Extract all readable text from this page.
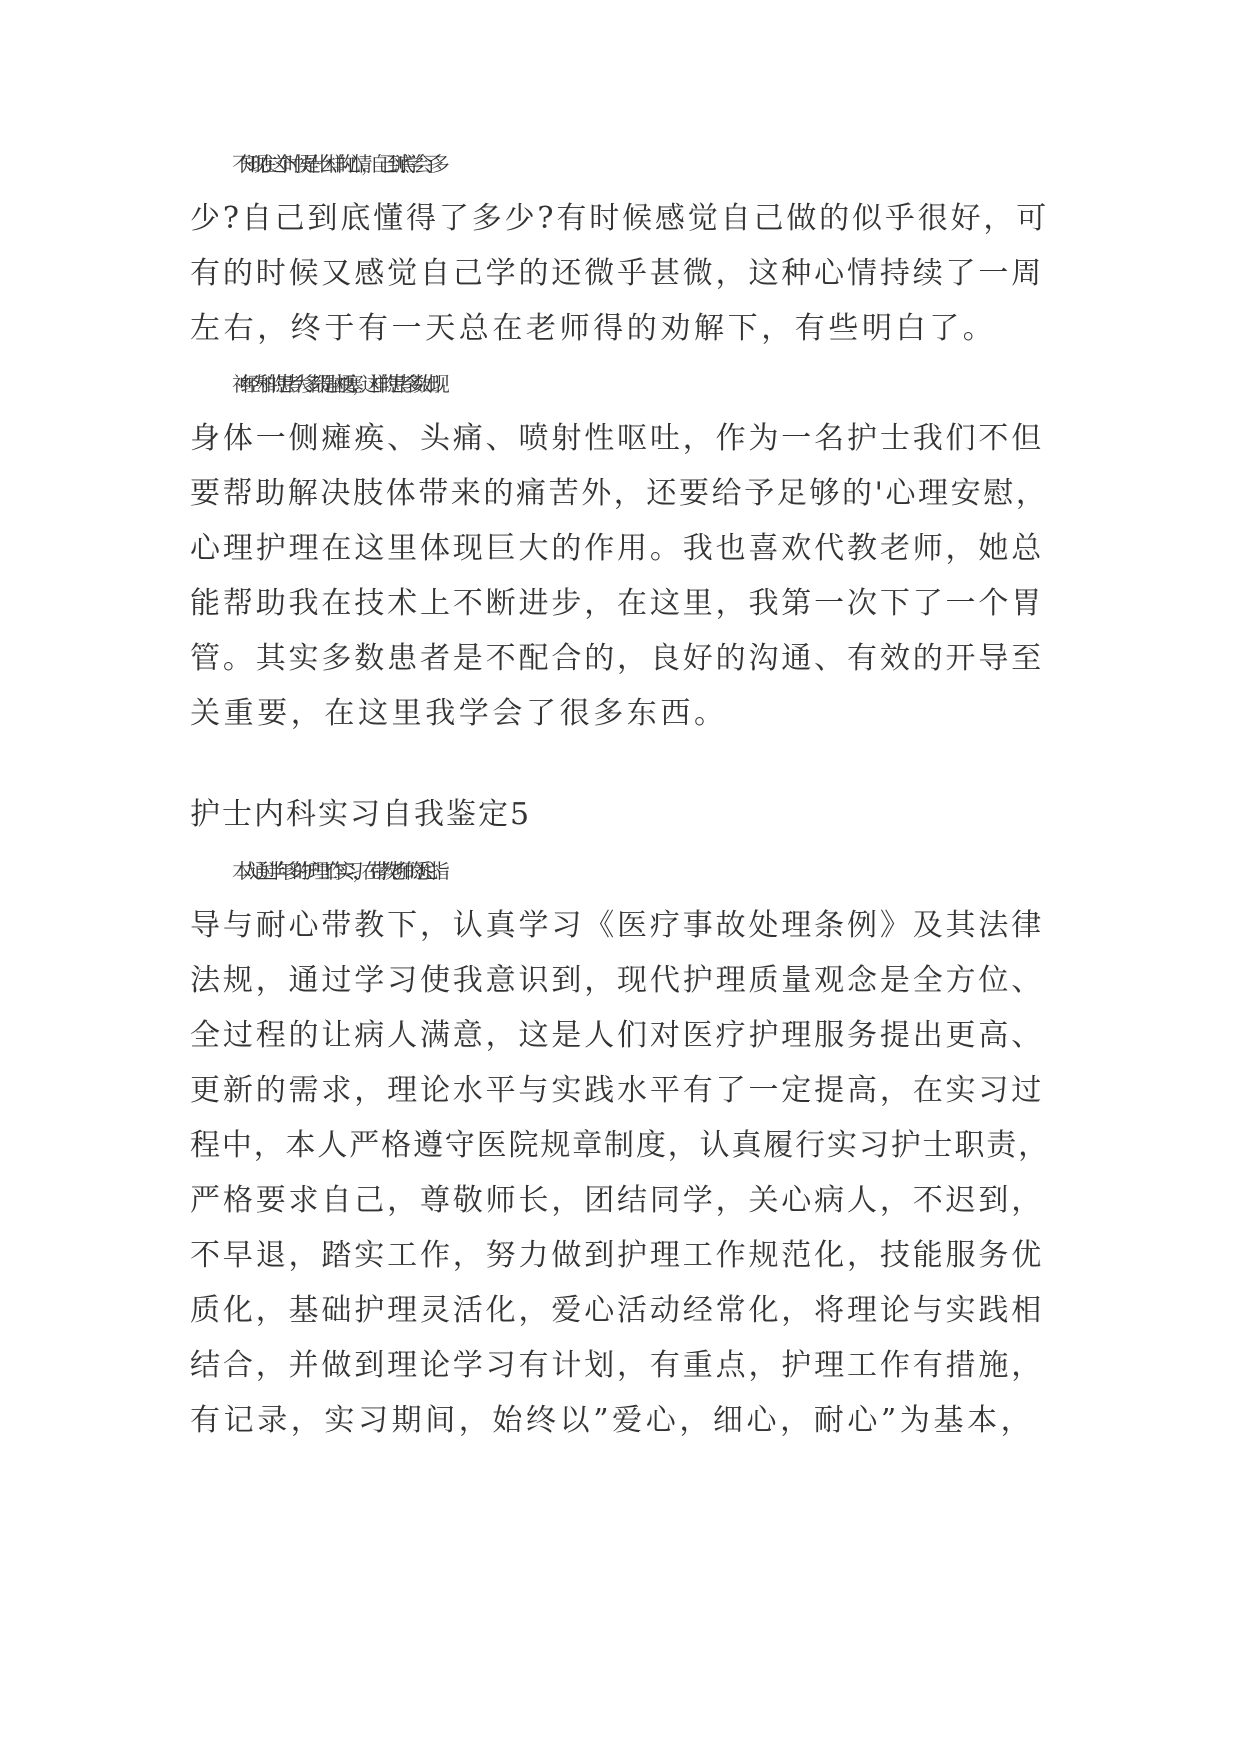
不知现在这个时候是什么样的心情，自己到底学会了多
少?自己到底懂得了多少?有时候感觉自己做的似乎很好，可
有的时候又感觉自己学的还微乎甚微，这种心情持续了一周
左右，终于有一天总在老师得的劝解下，有些明白了。
神经内科的患者大多都是脑梗塞，这样的患者多数出现
身体一侧瘫痪、头痛、喷射性呕吐，作为一名护士我们不但
要帮助解决肢体带来的痛苦外，还要给予足够的'心理安慰，
心理护理在这里体现巨大的作用。我也喜欢代教老师，她总
能帮助我在技术上不断进步，在这里，我第一次下了一个胃
管。其实多数患者是不配合的，良好的沟通、有效的开导至
关重要，在这里我学会了很多东西。
护士内科实习自我鉴定5
本人通过半年多的护理工作实习，在带教老师的悉心指
导与耐心带教下，认真学习《医疗事故处理条例》及其法律
法规，通过学习使我意识到，现代护理质量观念是全方位、
全过程的让病人满意，这是人们对医疗护理服务提出更高、
更新的需求，理论水平与实践水平有了一定提高，在实习过
程中，本人严格遵守医院规章制度，认真履行实习护士职责，
严格要求自己，尊敬师长，团结同学，关心病人，不迟到，
不早退，踏实工作，努力做到护理工作规范化，技能服务优
质化，基础护理灵活化，爱心活动经常化，将理论与实践相
结合，并做到理论学习有计划，有重点，护理工作有措施，
有记录，实习期间，始终以”爱心，细心，耐心”为基本，
